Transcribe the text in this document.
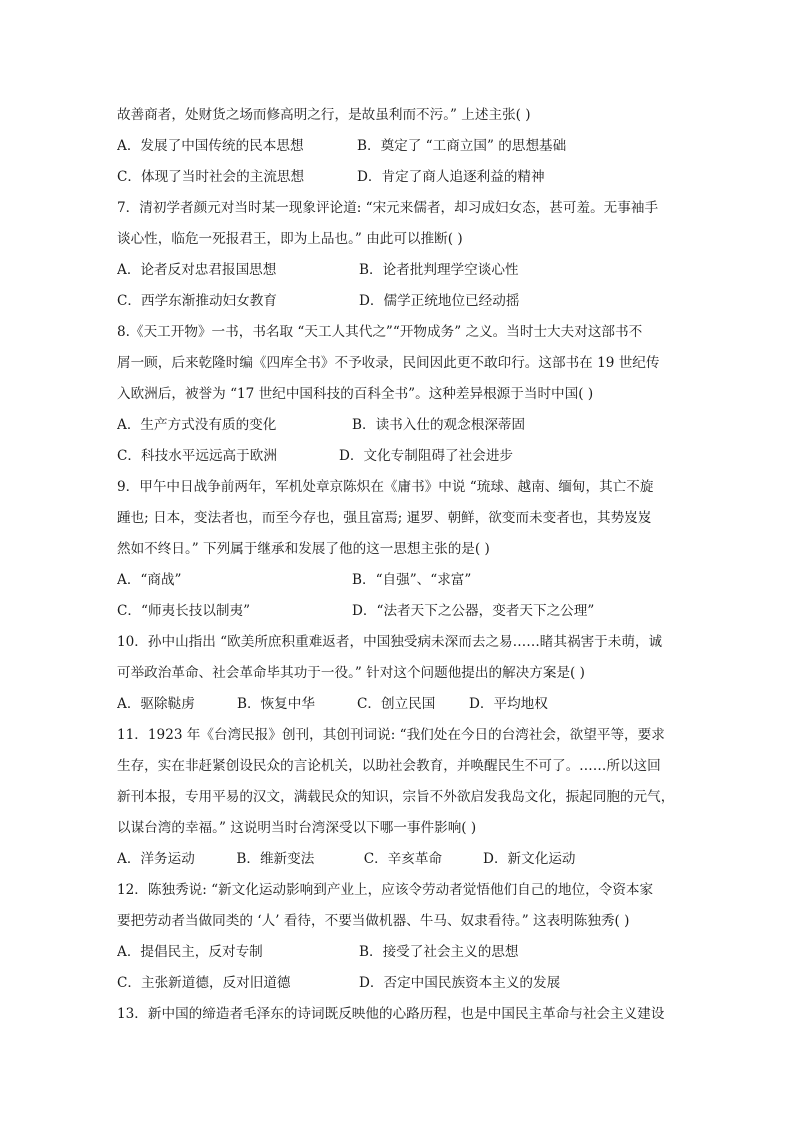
故善商者，处财货之场而修高明之行，是故虽利而不污。” 上述主张( )
A．发展了中国传统的民本思想	B．奠定了 “工商立国” 的思想基础
C．体现了当时社会的主流思想	D．肯定了商人追逐利益的精神
7．清初学者颜元对当时某一现象评论道: “宋元来儒者，却习成妇女态，甚可羞。无事袖手
谈心性，临危一死报君王，即为上品也。” 由此可以推断( )
A．论者反对忠君报国思想	B．论者批判理学空谈心性
C．西学东渐推动妇女教育	D．儒学正统地位已经动摇
8.《天工开物》一书，书名取 “天工人其代之”“开物成务” 之义。当时士大夫对这部书不
屑一顾，后来乾隆时编《四库全书》不予收录，民间因此更不敢印行。这部书在 19 世纪传
入欧洲后，被誉为 “17 世纪中国科技的百科全书”。这种差异根源于当时中国( )
A．生产方式没有质的变化	B．读书入仕的观念根深蒂固
C．科技水平远远高于欧洲	D．文化专制阻碍了社会进步
9．甲午中日战争前两年，军机处章京陈炽在《庸书》中说 “琉球、越南、缅甸，其亡不旋
踵也; 日本，变法者也，而至今存也，强且富焉; 暹罗、朝鲜，欲变而未变者也，其势岌岌
然如不终日。” 下列属于继承和发展了他的这一思想主张的是( )
A．“商战”	B．“自强”、“求富”
C．“师夷长技以制夷”	D．“法者天下之公器，变者天下之公理”
10．孙中山指出 “欧美所庶积重难返者，中国独受病未深而去之易……睹其祸害于未萌，诚
可举政治革命、社会革命毕其功于一役。” 针对这个问题他提出的解决方案是( )
A．驱除鞑虏	B．恢复中华	C．创立民国	D．平均地权
11．1923 年《台湾民报》创刊，其创刊词说: “我们处在今日的台湾社会，欲望平等，要求
生存，实在非赶紧创设民众的言论机关，以助社会教育，并唤醒民生不可了。……所以这回
新刊本报，专用平易的汉文，满载民众的知识，宗旨不外欲启发我岛文化，振起同胞的元气，
以谋台湾的幸福。” 这说明当时台湾深受以下哪一事件影响( )
A．洋务运动	B．维新变法	C．辛亥革命	D．新文化运动
12．陈独秀说: “新文化运动影响到产业上，应该令劳动者觉悟他们自己的地位，令资本家
要把劳动者当做同类的 ‘人’ 看待，不要当做机器、牛马、奴隶看待。” 这表明陈独秀( )
A．提倡民主，反对专制	B．接受了社会主义的思想
C．主张新道德，反对旧道德	D．否定中国民族资本主义的发展
13．新中国的缔造者毛泽东的诗词既反映他的心路历程，也是中国民主革命与社会主义建设
